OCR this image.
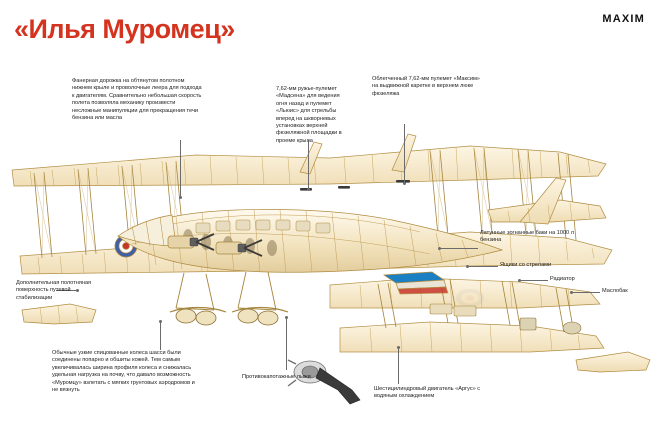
«Илья Муромец»	MAXIM
Фанерная дорожка на обтянутом полотном нижнем крыле и проволочные леера для подхода к двигателям. Сравнительно небольшая скорость полета позволяла механику произвести несложные манипуляции для прекращения течи бензина или масла
7,62-мм ружье-пулемет «Мадсена» для ведения огня назад и пулемет «Льюис» для стрельбы вперед на шкворневых установках верхней фюзеляжной площадки в проеме крыла
Облегченный 7,62-мм пулемет «Максим» на выдвижной каретке в верхнем люке фюзеляжа
Латунные зогнанные баки на 1000 л бензина
Ящики со стрелами
Радиатор
Маслобак
Дополнительная полотняная поверхность путевой стабилизации
Обычные узкие спицованные колеса шасси были соединены попарно и обшиты кожей. Тем самым увеличивалась ширина профиля колеса и снижалась удельная нагрузка на почву, что давало возможность «Муромцу» взлетать с мягких грунтовых аэродромов и не вязнуть
Противокапотажные лыжи
Шестицилиндровый двигатель «Аргус» с водяным охлаждением
